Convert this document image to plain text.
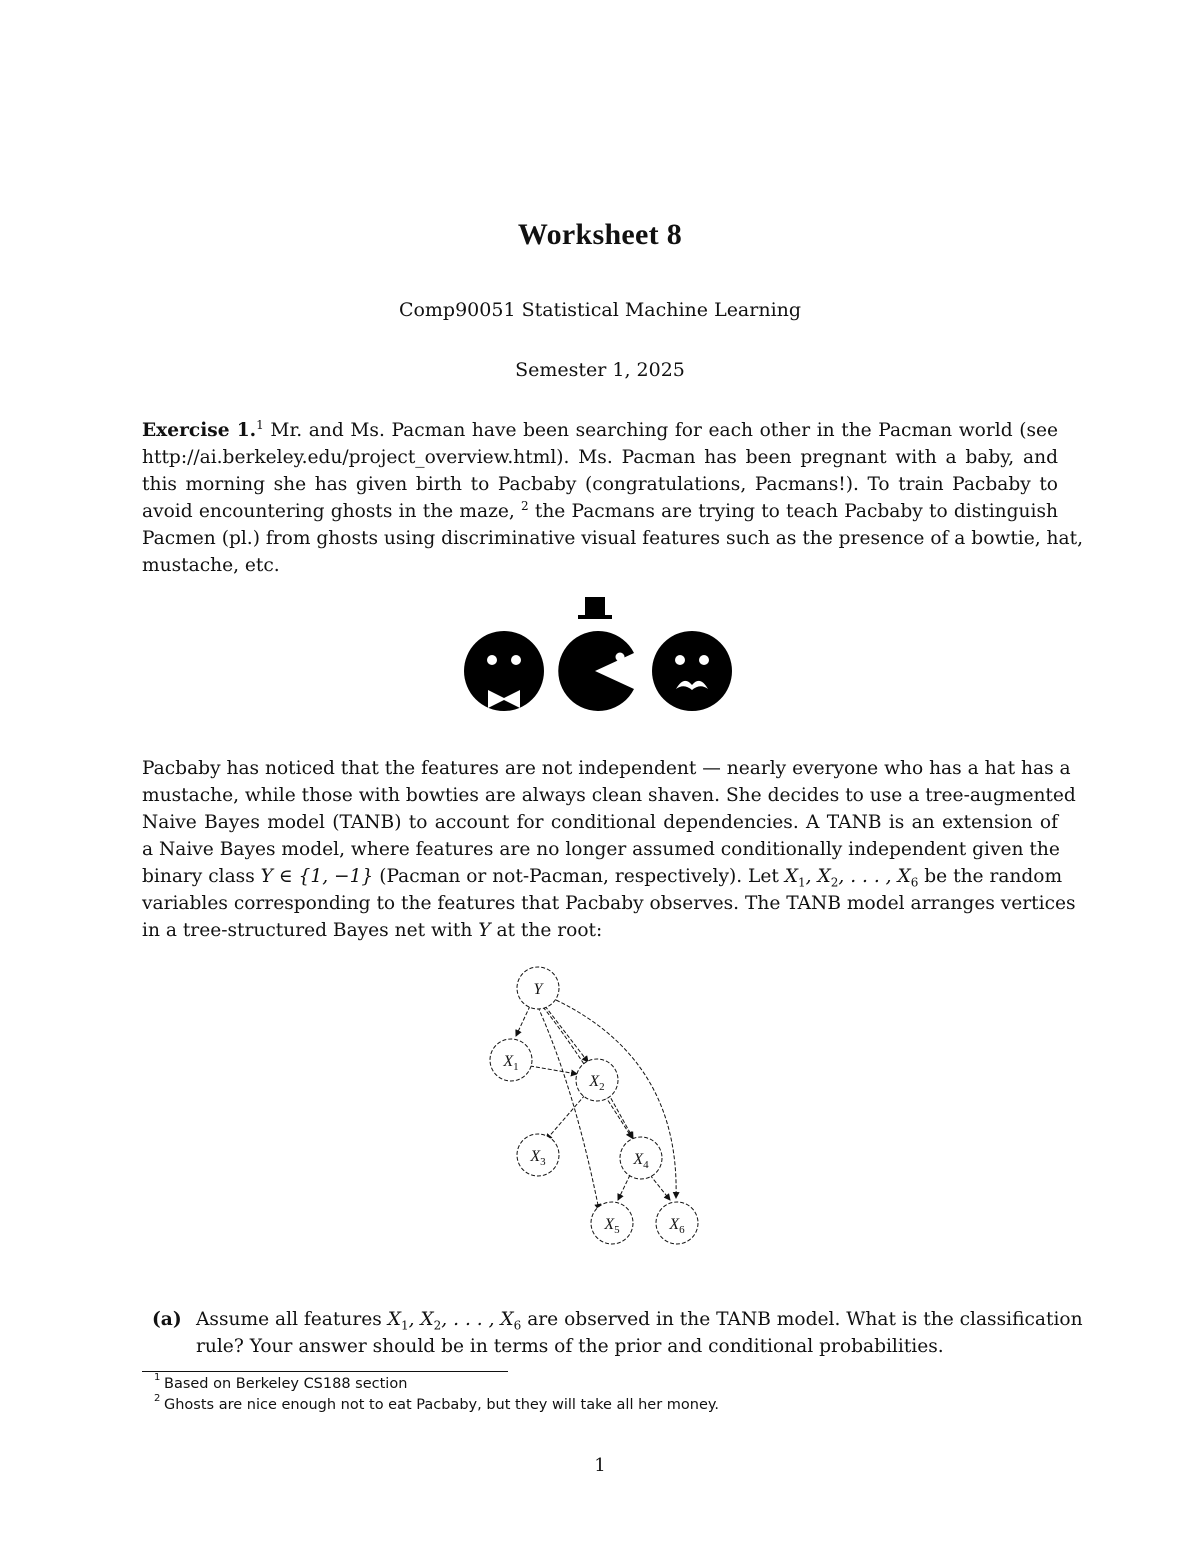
Worksheet 8
Comp90051 Statistical Machine Learning
Semester 1, 2025
Exercise 1.$^1$ Mr. and Ms. Pacman have been searching for each other in the Pacman world (see
http://ai.berkeley.edu/project_overview.html). Ms. Pacman has been pregnant with a baby, and
this morning she has given birth to Pacbaby (congratulations, Pacmans!). To train Pacbaby to
avoid encountering ghosts in the maze, $^2$ the Pacmans are trying to teach Pacbaby to distinguish
Pacmen (pl.) from ghosts using discriminative visual features such as the presence of a bowtie, hat,
mustache, etc.
Pacbaby has noticed that the features are not independent — nearly everyone who has a hat has a
mustache, while those with bowties are always clean shaven. She decides to use a tree-augmented
Naive Bayes model (TANB) to account for conditional dependencies. A TANB is an extension of
a Naive Bayes model, where features are no longer assumed conditionally independent given the
binary class Y ∈ {1, −1} (Pacman or not-Pacman, respectively). Let $X_1$, $X_2$, . . . , $X_6$ be the random
variables corresponding to the features that Pacbaby observes. The TANB model arranges vertices
in a tree-structured Bayes net with Y at the root:
Y
$X_1$
$X_2$
$X_3$	$X_4$
$X_5$	$X_6$
(a) Assume all features $X_1$, $X_2$, . . . , $X_6$ are observed in the TANB model. What is the classification
rule? Your answer should be in terms of the prior and conditional probabilities.
1 Based on Berkeley CS188 section
2 Ghosts are nice enough not to eat Pacbaby, but they will take all her money.
1
